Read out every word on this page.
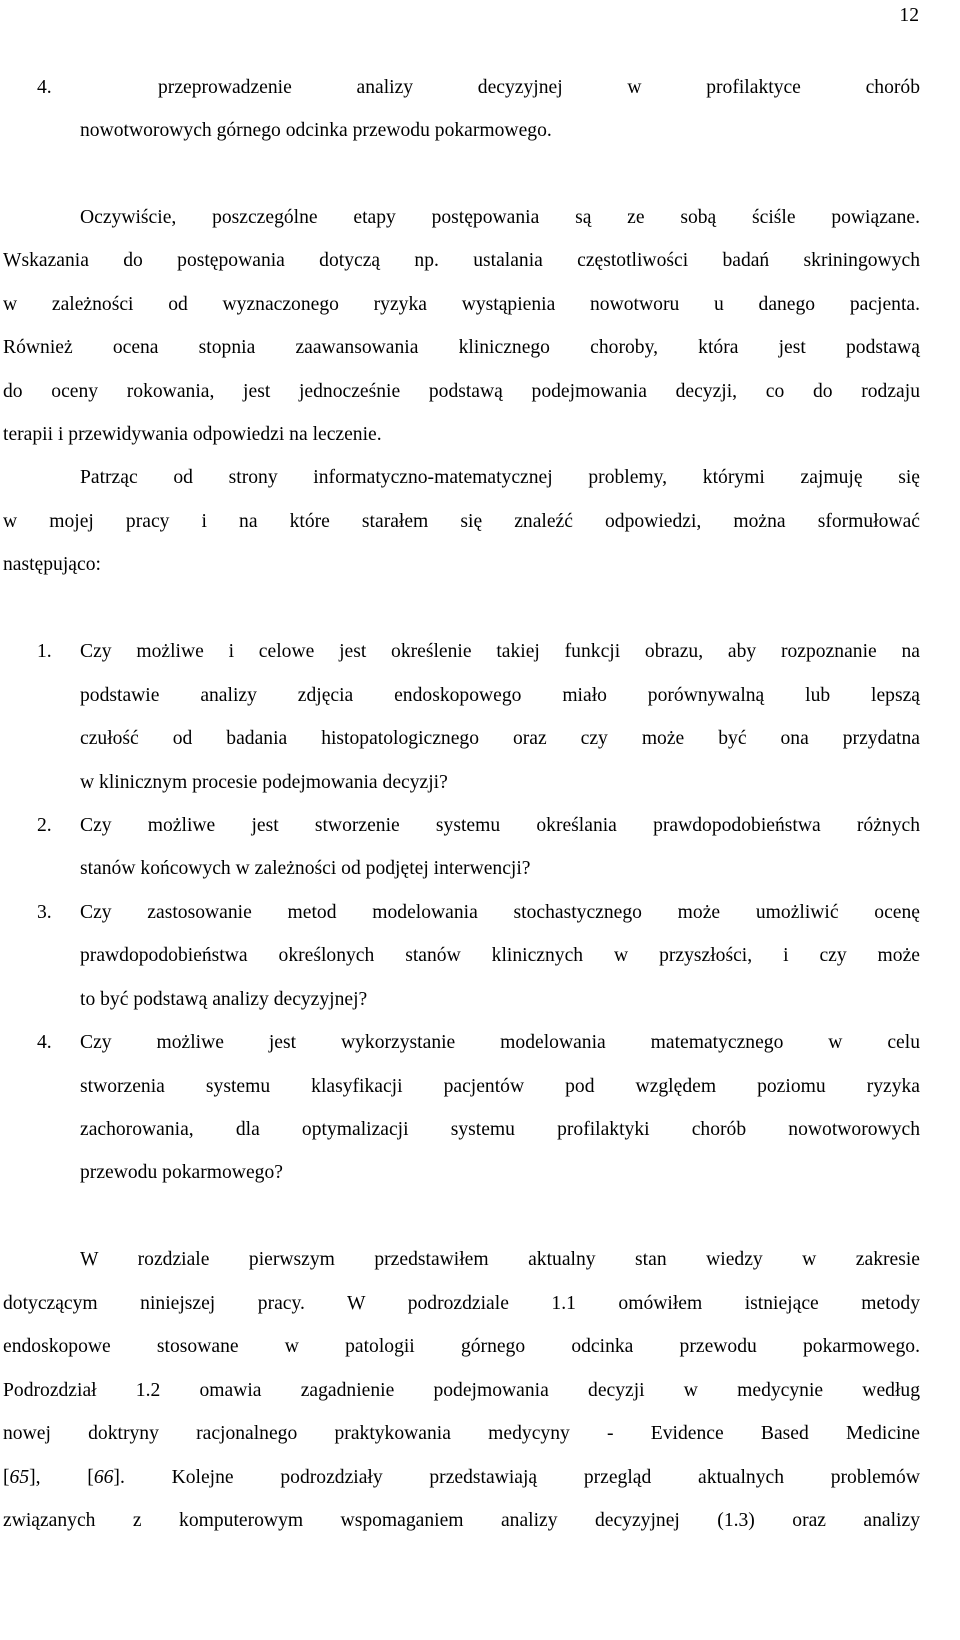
12
4.	przeprowadzenie analizy decyzyjnej w profilaktyce chorób
nowotworowych górnego odcinka przewodu pokarmowego.
Oczywiście, poszczególne etapy postępowania są ze sobą ściśle powiązane.
Wskazania do postępowania dotyczą np. ustalania częstotliwości badań skriningowych
w zależności od wyznaczonego ryzyka wystąpienia nowotworu u danego pacjenta.
Również ocena stopnia zaawansowania klinicznego choroby, która jest podstawą
do oceny rokowania, jest jednocześnie podstawą podejmowania decyzji, co do rodzaju
terapii i przewidywania odpowiedzi na leczenie.
Patrząc od strony informatyczno-matematycznej problemy, którymi zajmuję się
w mojej pracy i na które starałem się znaleźć odpowiedzi, można sformułować
następująco:
1. Czy możliwe i celowe jest określenie takiej funkcji obrazu, aby rozpoznanie na
podstawie analizy zdjęcia endoskopowego miało porównywalną lub lepszą
czułość od badania histopatologicznego oraz czy może być ona przydatna
w klinicznym procesie podejmowania decyzji?
2. Czy możliwe jest stworzenie systemu określania prawdopodobieństwa różnych
stanów końcowych w zależności od podjętej interwencji?
3. Czy zastosowanie metod modelowania stochastycznego może umożliwić ocenę
prawdopodobieństwa określonych stanów klinicznych w przyszłości, i czy może
to być podstawą analizy decyzyjnej?
4. Czy możliwe jest wykorzystanie modelowania matematycznego w celu
stworzenia systemu klasyfikacji pacjentów pod względem poziomu ryzyka
zachorowania, dla optymalizacji systemu profilaktyki chorób nowotworowych
przewodu pokarmowego?
W rozdziale pierwszym przedstawiłem aktualny stan wiedzy w zakresie
dotyczącym niniejszej pracy. W podrozdziale 1.1 omówiłem istniejące metody
endoskopowe stosowane w patologii górnego odcinka przewodu pokarmowego.
Podrozdział 1.2 omawia zagadnienie podejmowania decyzji w medycynie według
nowej doktryny racjonalnego praktykowania medycyny - Evidence Based Medicine
[65], [66]. Kolejne podrozdziały przedstawiają przegląd aktualnych problemów
związanych z komputerowym wspomaganiem analizy decyzyjnej (1.3) oraz analizy
